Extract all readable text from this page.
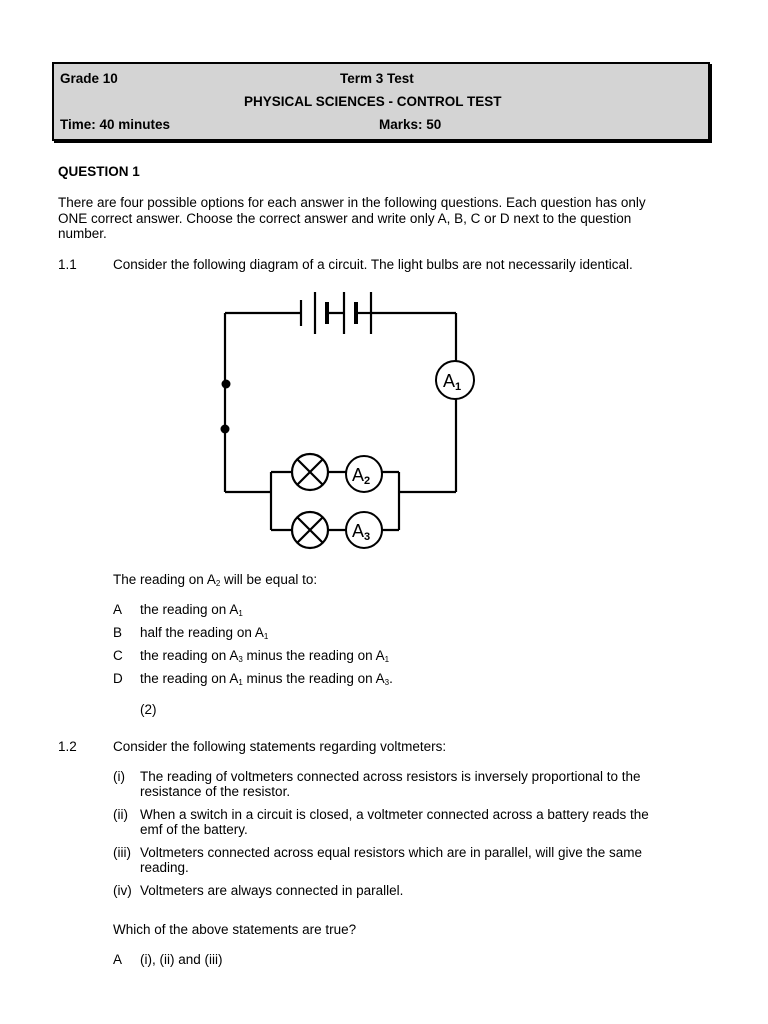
Grade 10	Term 3 Test
PHYSICAL SCIENCES - CONTROL TEST
Time: 40 minutes	Marks: 50
QUESTION 1
There are four possible options for each answer in the following questions. Each question has only ONE correct answer. Choose the correct answer and write only A, B, C or D next to the question number.
1.1	Consider the following diagram of a circuit. The light bulbs are not necessarily identical.
A1
A2
A3
The reading on $A_2$ will be equal to:
A the reading on $A_1$
B half the reading on $A_1$
C the reading on $A_3$ minus the reading on $A_1$
D the reading on $A_1$ minus the reading on $A_3$.
(2)
1.2	Consider the following statements regarding voltmeters:
(i) The reading of voltmeters connected across resistors is inversely proportional to the resistance of the resistor.
(ii) When a switch in a circuit is closed, a voltmeter connected across a battery reads the emf of the battery.
(iii) Voltmeters connected across equal resistors which are in parallel, will give the same reading.
(iv) Voltmeters are always connected in parallel.
Which of the above statements are true?
A (i), (ii) and (iii)
